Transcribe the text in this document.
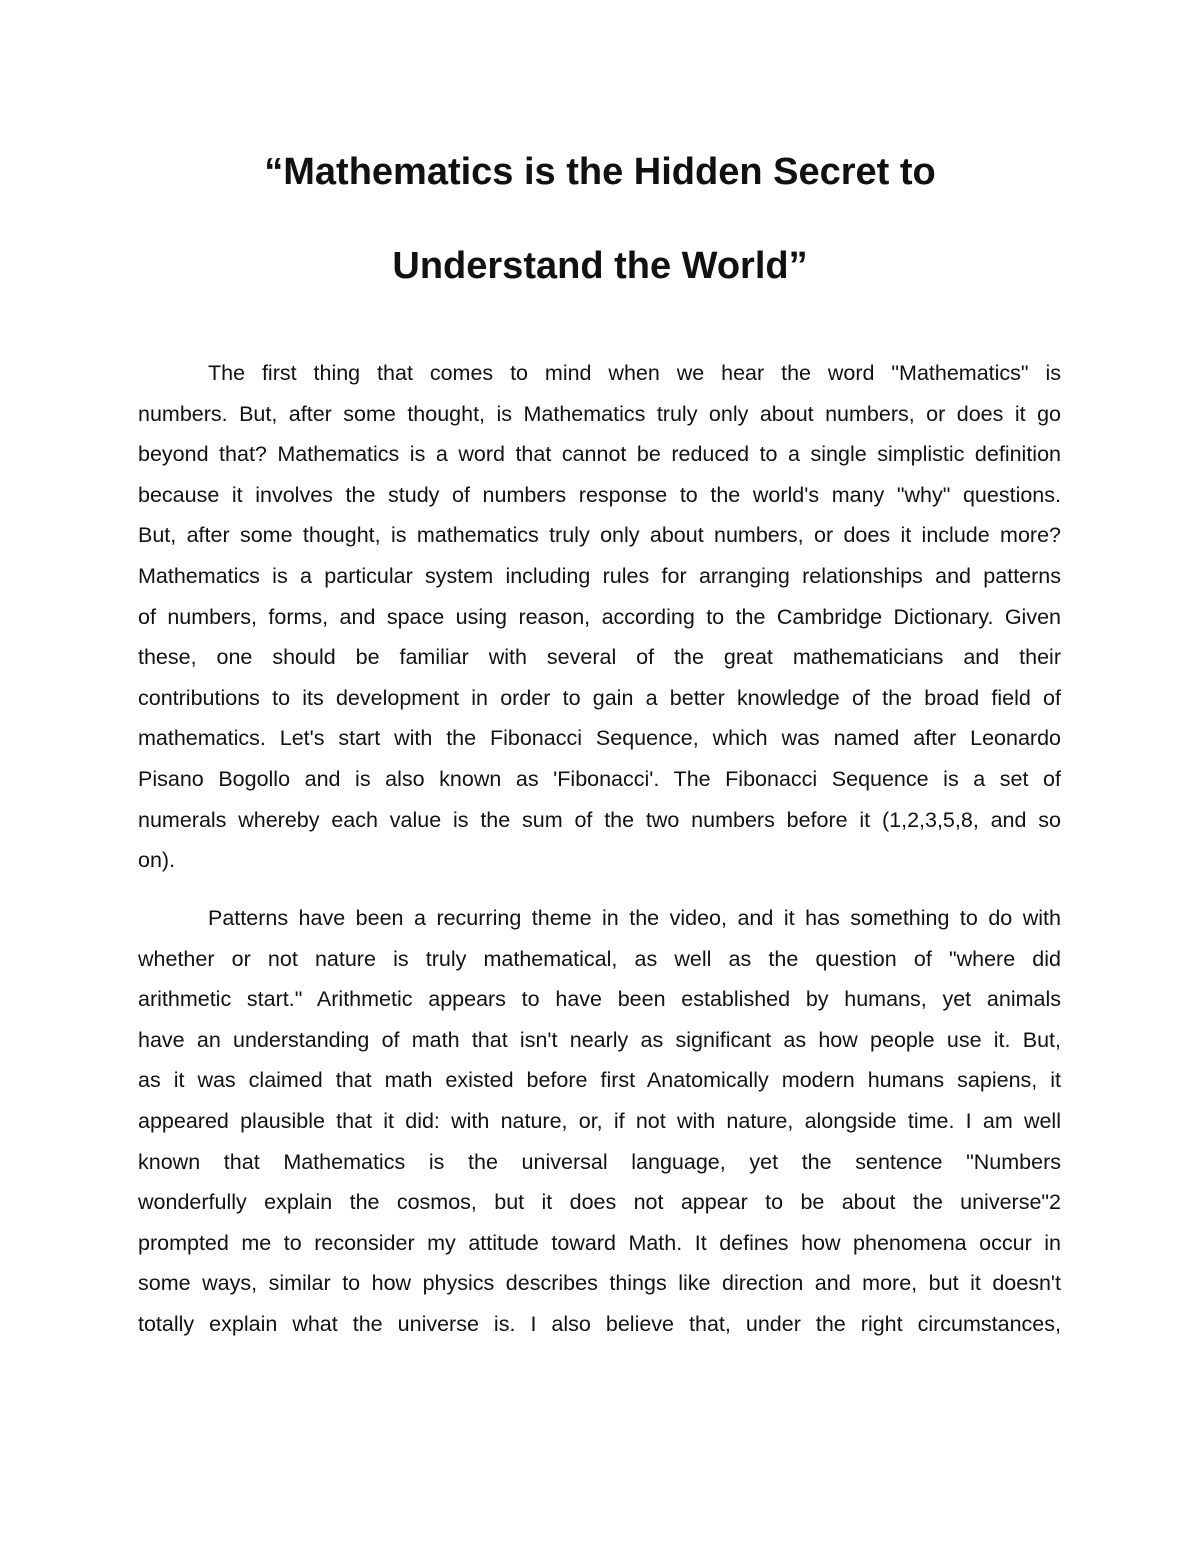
“Mathematics is the Hidden Secret to
Understand the World”
The first thing that comes to mind when we hear the word "Mathematics" is
numbers. But, after some thought, is Mathematics truly only about numbers, or does it go
beyond that? Mathematics is a word that cannot be reduced to a single simplistic definition
because it involves the study of numbers response to the world's many "why" questions.
But, after some thought, is mathematics truly only about numbers, or does it include more?
Mathematics is a particular system including rules for arranging relationships and patterns
of numbers, forms, and space using reason, according to the Cambridge Dictionary. Given
these, one should be familiar with several of the great mathematicians and their
contributions to its development in order to gain a better knowledge of the broad field of
mathematics. Let's start with the Fibonacci Sequence, which was named after Leonardo
Pisano Bogollo and is also known as 'Fibonacci'. The Fibonacci Sequence is a set of
numerals whereby each value is the sum of the two numbers before it (1,2,3,5,8, and so
on).
Patterns have been a recurring theme in the video, and it has something to do with
whether or not nature is truly mathematical, as well as the question of "where did
arithmetic start." Arithmetic appears to have been established by humans, yet animals
have an understanding of math that isn't nearly as significant as how people use it. But,
as it was claimed that math existed before first Anatomically modern humans sapiens, it
appeared plausible that it did: with nature, or, if not with nature, alongside time. I am well
known that Mathematics is the universal language, yet the sentence "Numbers
wonderfully explain the cosmos, but it does not appear to be about the universe"2
prompted me to reconsider my attitude toward Math. It defines how phenomena occur in
some ways, similar to how physics describes things like direction and more, but it doesn't
totally explain what the universe is. I also believe that, under the right circumstances,
